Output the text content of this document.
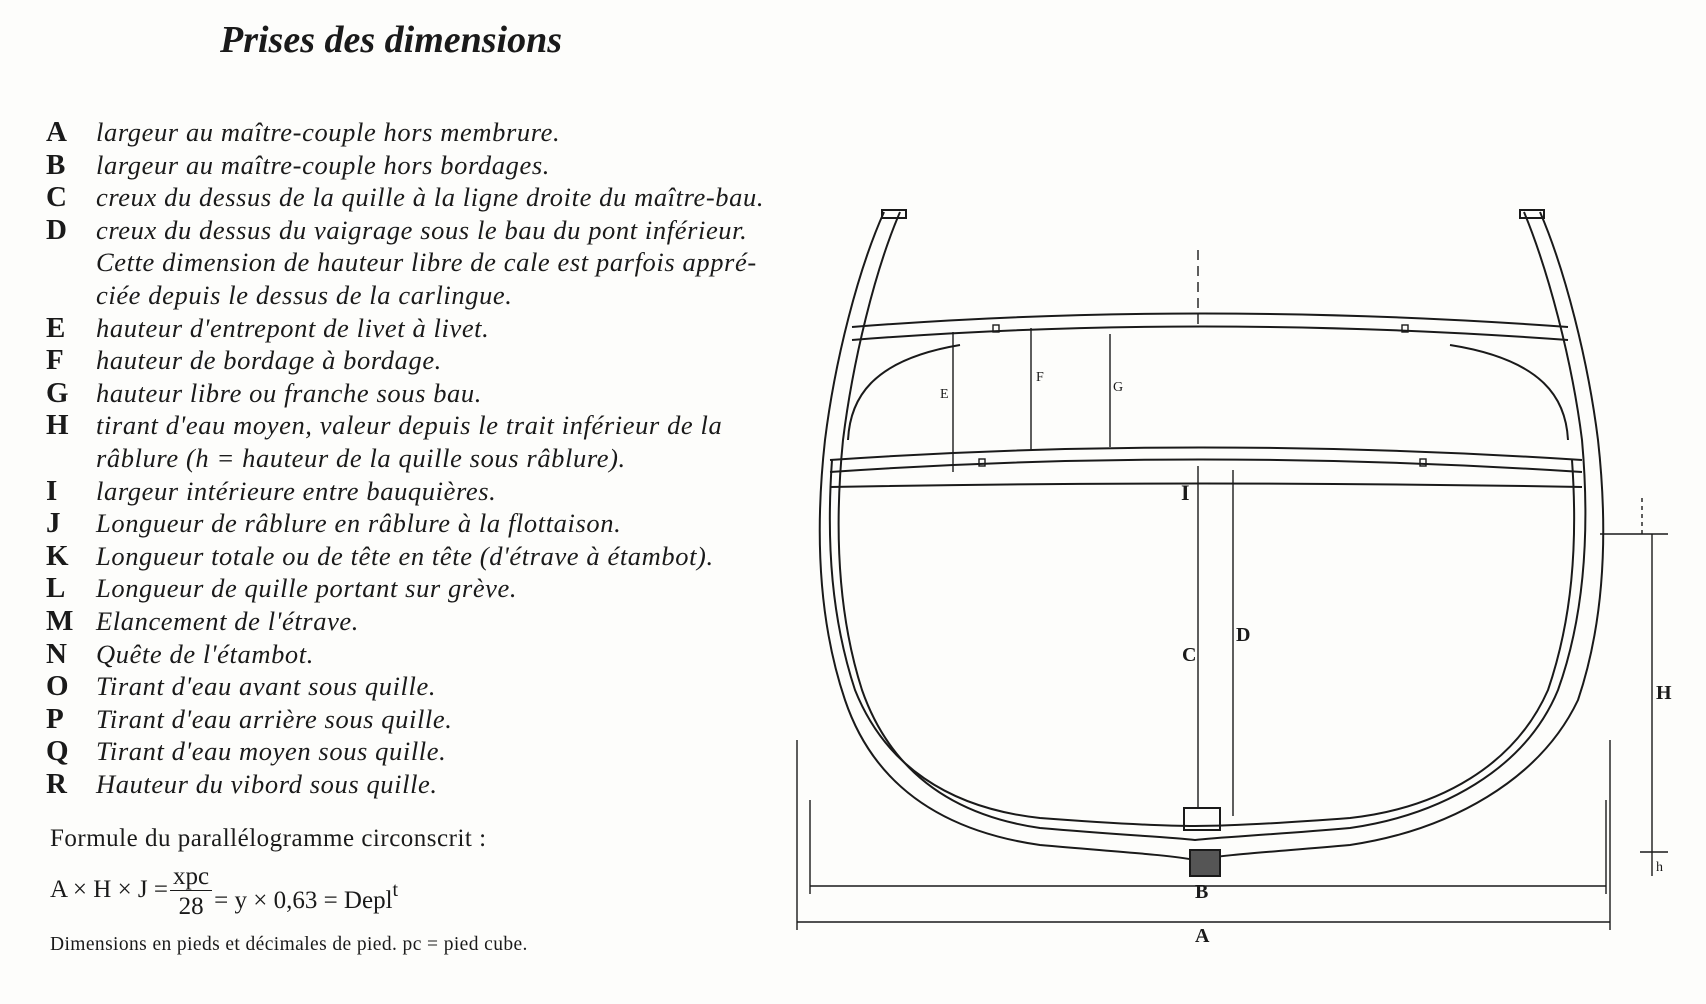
Prises des dimensions
A	largeur au maître-couple hors membrure.
B	largeur au maître-couple hors bordages.
C	creux du dessus de la quille à la ligne droite du maître-bau.
D	creux du dessus du vaigrage sous le bau du pont inférieur.
Cette dimension de hauteur libre de cale est parfois appré-
ciée depuis le dessus de la carlingue.
E	hauteur d'entrepont de livet à livet.
F	hauteur de bordage à bordage.
G	hauteur libre ou franche sous bau.
H	tirant d'eau moyen, valeur depuis le trait inférieur de la
râblure (h = hauteur de la quille sous râblure).
I	largeur intérieure entre bauquières.
J	Longueur de râblure en râblure à la flottaison.
K	Longueur totale ou de tête en tête (d'étrave à étambot).
L	Longueur de quille portant sur grève.
M Elancement de l'étrave.
N	Quête de l'étambot.
O	Tirant d'eau avant sous quille.
P	Tirant d'eau arrière sous quille.
Q	Tirant d'eau moyen sous quille.
R	Hauteur du vibord sous quille.
Formule du parallélogramme circonscrit :
$A \times H \times J = \frac{\text{xpc}}{28} = y \times 0,63$ = Depl$^t$
Dimensions en pieds et décimales de pied. pc = pied cube.
E
F
G
I
C
D
H
h
B
A
